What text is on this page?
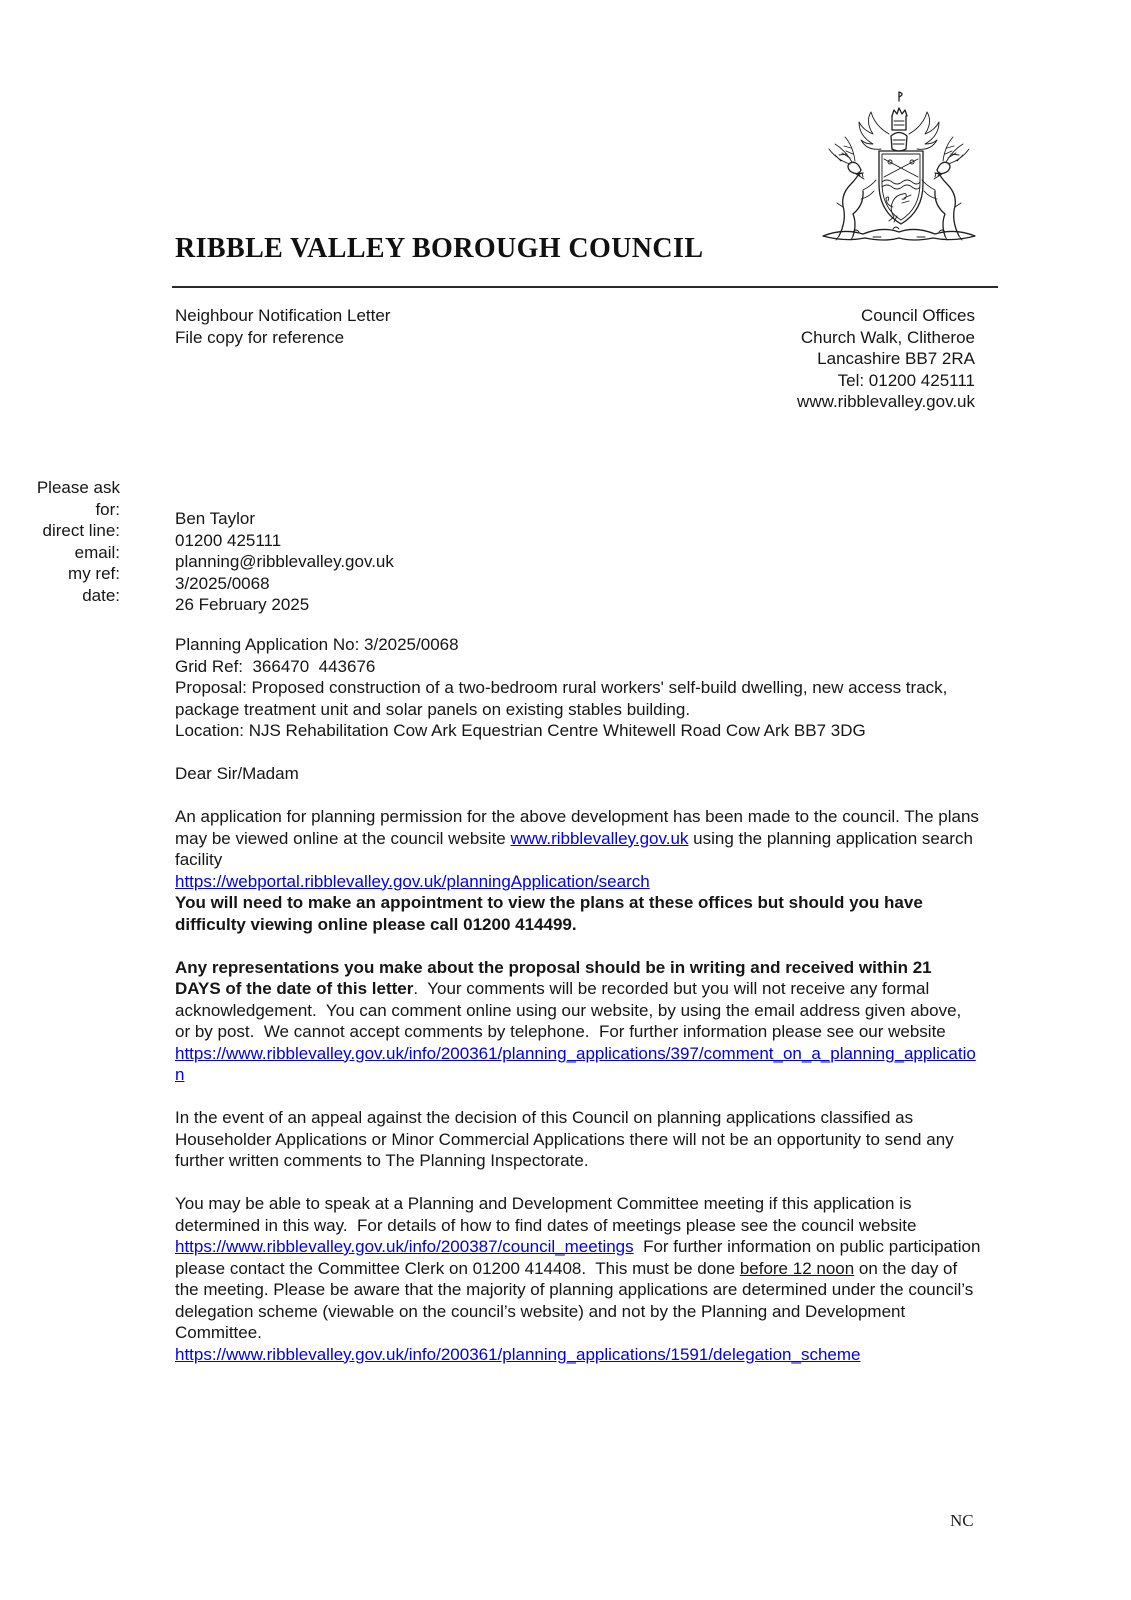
RIBBLE VALLEY BOROUGH COUNCIL
Neighbour Notification Letter
File copy for reference
Council Offices
Church Walk, Clitheroe
Lancashire BB7 2RA
Tel: 01200 425111
www.ribblevalley.gov.uk
Please ask
for:
direct line:
email:
my ref:
date:
Ben Taylor
01200 425111
planning@ribblevalley.gov.uk
3/2025/0068
26 February 2025
Planning Application No: 3/2025/0068
Grid Ref:  366470  443676
Proposal: Proposed construction of a two-bedroom rural workers' self-build dwelling, new access track, package treatment unit and solar panels on existing stables building.
Location: NJS Rehabilitation Cow Ark Equestrian Centre Whitewell Road Cow Ark BB7 3DG
Dear Sir/Madam
An application for planning permission for the above development has been made to the council. The plans may be viewed online at the council website www.ribblevalley.gov.uk using the planning application search facility
https://webportal.ribblevalley.gov.uk/planningApplication/search
You will need to make an appointment to view the plans at these offices but should you have difficulty viewing online please call 01200 414499.
Any representations you make about the proposal should be in writing and received within 21 DAYS of the date of this letter.  Your comments will be recorded but you will not receive any formal acknowledgement.  You can comment online using our website, by using the email address given above, or by post.  We cannot accept comments by telephone.  For further information please see our website
https://www.ribblevalley.gov.uk/info/200361/planning_applications/397/comment_on_a_planning_application
In the event of an appeal against the decision of this Council on planning applications classified as Householder Applications or Minor Commercial Applications there will not be an opportunity to send any further written comments to The Planning Inspectorate.
You may be able to speak at a Planning and Development Committee meeting if this application is determined in this way.  For details of how to find dates of meetings please see the council website https://www.ribblevalley.gov.uk/info/200387/council_meetings  For further information on public participation please contact the Committee Clerk on 01200 414408.  This must be done before 12 noon on the day of the meeting. Please be aware that the majority of planning applications are determined under the council’s delegation scheme (viewable on the council’s website) and not by the Planning and Development Committee.
https://www.ribblevalley.gov.uk/info/200361/planning_applications/1591/delegation_scheme
NC
